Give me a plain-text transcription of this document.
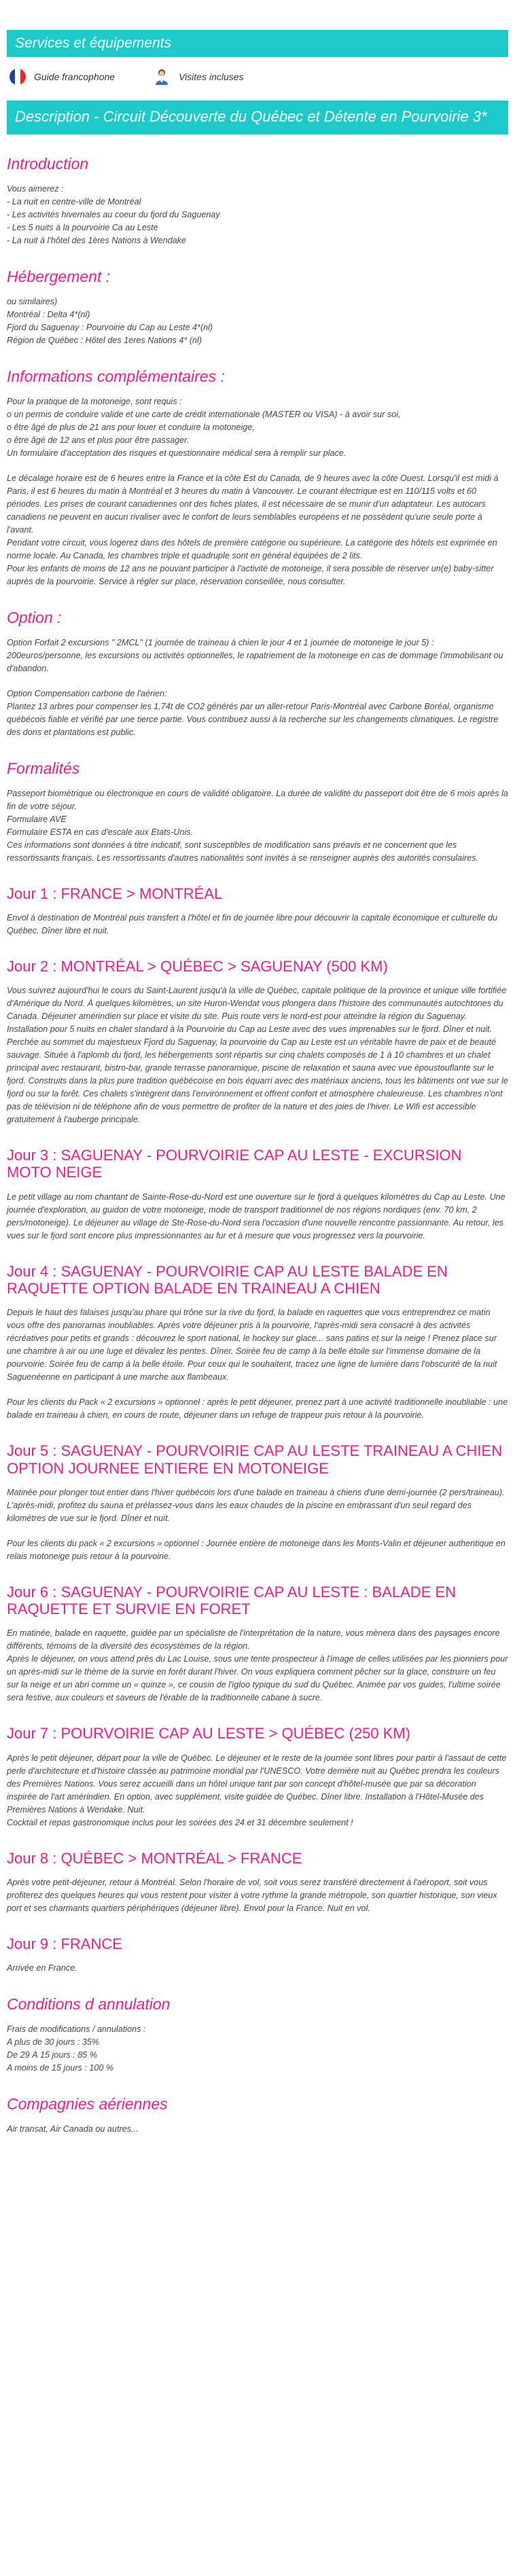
Services et équipements
Guide francophone	Visites incluses
Description - Circuit Découverte du Québec et Détente en Pourvoirie 3*
Introduction
Vous aimerez :
- La nuit en centre-ville de Montréal
- Les activités hivernales au coeur du fjord du Saguenay
- Les 5 nuits à la pourvoirie Ca au Leste
- La nuit à l'hôtel des 1ères Nations à Wendake
Hébergement :
ou similaires)
Montréal : Delta 4*(nl)
Fjord du Saguenay : Pourvoirie du Cap au Leste 4*(nl)
Région de Québec : Hôtel des 1eres Nations 4* (nl)
Informations complémentaires :
Pour la pratique de la motoneige, sont requis :
o un permis de conduire valide et une carte de crédit internationale (MASTER ou VISA) - à avoir sur soi,
o être âgé de plus de 21 ans pour louer et conduire la motoneige,
o être âgé de 12 ans et plus pour être passager.
Un formulaire d'acceptation des risques et questionnaire médical sera à remplir sur place.
Le décalage horaire est de 6 heures entre la France et la côte Est du Canada, de 9 heures avec la côte Ouest. Lorsqu'il est midi à Paris, il est 6 heures du matin à Montréal et 3 heures du matin à Vancouver. Le courant électrique est en 110/115 volts et 60 périodes. Les prises de courant canadiennes ont des fiches plates, il est nécessaire de se munir d'un adaptateur. Les autocars canadiens ne peuvent en aucun rivaliser avec le confort de leurs semblables européens et ne possèdent qu'une seule porte à l'avant.
Pendant votre circuit, vous logerez dans des hôtels de première catégorie ou supérieure. La catégorie des hôtels est exprimée en norme locale. Au Canada, les chambres triple et quadruple sont en général équipées de 2 lits.
Pour les enfants de moins de 12 ans ne pouvant participer à l'activité de motoneige, il sera possible de réserver un(e) baby-sitter auprès de la pourvoirie. Service à régler sur place, réservation conseillée, nous consulter.
Option :
Option Forfait 2 excursions " 2MCL" (1 journée de traineau à chien le jour 4 et 1 journée de motoneige le jour 5) : 200euros/personne, les excursions ou activités optionnelles, le rapatriement de la motoneige en cas de dommage l'immobilisant ou d'abandon.
Option Compensation carbone de l'aérien:
Plantez 13 arbres pour compenser les 1,74t de CO2 générés par un aller-retour Paris-Montréal avec Carbone Boréal, organisme québécois fiable et vérifié par une tierce partie. Vous contribuez aussi à la recherche sur les changements climatiques. Le registre des dons et plantations est public.
Formalités
Passeport biométrique ou électronique en cours de validité obligatoire. La durée de validité du passeport doit être de 6 mois après la fin de votre séjour.
Formulaire AVE
Formulaire ESTA en cas d'escale aux Etats-Unis.
Ces informations sont données à titre indicatif, sont susceptibles de modification sans préavis et ne concernent que les ressortissants français. Les ressortissants d'autres nationalités sont invités à se renseigner auprès des autorités consulaires.
Jour 1 : FRANCE > MONTRÉAL
Envol à destination de Montréal puis transfert à l'hôtel et fin de journée libre pour découvrir la capitale économique et culturelle du Québec. Dîner libre et nuit.
Jour 2 : MONTRÉAL > QUÉBEC > SAGUENAY (500 KM)
Vous suivrez aujourd'hui le cours du Saint-Laurent jusqu'à la ville de Québec, capitale politique de la province et unique ville fortifiée d'Amérique du Nord. À quelques kilomètres, un site Huron-Wendat vous plongera dans l'histoire des communautés autochtones du Canada. Déjeuner amérindien sur place et visite du site. Puis route vers le nord-est pour atteindre la région du Saguenay. Installation pour 5 nuits en chalet standard à la Pourvoirie du Cap au Leste avec des vues imprenables sur le fjord. Dîner et nuit. Perchée au sommet du majestueux Fjord du Saguenay, la pourvoirie du Cap au Leste est un véritable havre de paix et de beauté sauvage. Située à l'aplomb du fjord, les hébergements sont répartis sur cinq chalets composés de 1 à 10 chambres et un chalet principal avec restaurant, bistro-bar, grande terrasse panoramique, piscine de relaxation et sauna avec vue époustouflante sur le fjord. Construits dans la plus pure tradition québécoise en bois équarri avec des matériaux anciens, tous les bâtiments ont vue sur le fjord ou sur la forêt. Ces chalets s'intègrent dans l'environnement et offrent confort et atmosphère chaleureuse. Les chambres n'ont pas de télévision ni de téléphone afin de vous permettre de profiter de la nature et des joies de l'hiver. Le Wifi est accessible gratuitement à l'auberge principale.
Jour 3 : SAGUENAY - POURVOIRIE CAP AU LESTE - EXCURSION MOTO NEIGE
Le petit village au nom chantant de Sainte-Rose-du-Nord est une ouverture sur le fjord à quelques kilomètres du Cap au Leste. Une journée d'exploration, au guidon de votre motoneige, mode de transport traditionnel de nos régions nordiques (env. 70 km, 2 pers/motoneige). Le déjeuner au village de Ste-Rose-du-Nord sera l'occasion d'une nouvelle rencontre passionnante. Au retour, les vues sur le fjord sont encore plus impressionnantes au fur et à mesure que vous progressez vers la pourvoirie.
Jour 4 : SAGUENAY - POURVOIRIE CAP AU LESTE BALADE EN RAQUETTE OPTION BALADE EN TRAINEAU A CHIEN
Depuis le haut des falaises jusqu'au phare qui trône sur la rive du fjord, la balade en raquettes que vous entreprendrez ce matin vous offre des panoramas inoubliables. Après votre déjeuner pris à la pourvoirie, l'après-midi sera consacré à des activités récréatives pour petits et grands : découvrez le sport national, le hockey sur glace... sans patins et sur la neige ! Prenez place sur une chambre à air ou une luge et dévalez les pentes. Dîner. Soirée feu de camp à la belle étoile sur l'immense domaine de la pourvoirie. Soirée feu de camp à la belle étoile. Pour ceux qui le souhaitent, tracez une ligne de lumière dans l'obscurité de la nuit Saguenéenne en participant à une marche aux flambeaux.
Pour les clients du Pack « 2 excursions » optionnel : après le petit déjeuner, prenez part à une activité traditionnelle inoubliable : une balade en traineau à chien, en cours de route, déjeuner dans un refuge de trappeur puis retour à la pourvoirie.
Jour 5 : SAGUENAY - POURVOIRIE CAP AU LESTE TRAINEAU A CHIEN OPTION JOURNEE ENTIERE EN MOTONEIGE
Matinée pour plonger tout entier dans l'hiver québécois lors d'une balade en traineau à chiens d'une demi-journée (2 pers/traineau). L'après-midi, profitez du sauna et prélassez-vous dans les eaux chaudes de la piscine en embrassant d'un seul regard des kilomètres de vue sur le fjord. Dîner et nuit.
Pour les clients du pack « 2 excursions » optionnel : Journée entière de motoneige dans les Monts-Valin et déjeuner authentique en relais motoneige puis retour à la pourvoirie.
Jour 6 : SAGUENAY - POURVOIRIE CAP AU LESTE : BALADE EN RAQUETTE ET SURVIE EN FORET
En matinée, balade en raquette, guidée par un spécialiste de l'interprétation de la nature, vous mènera dans des paysages encore différents, témoins de la diversité des écosystèmes de la région.
Après le déjeuner, on vous attend près du Lac Louise, sous une tente prospecteur à l'image de celles utilisées par les pionniers pour un après-midi sur le thème de la survie en forêt durant l'hiver. On vous expliquera comment pêcher sur la glace, construire un feu sur la neige et un abri comme un « quinze », ce cousin de l'igloo typique du sud du Québec. Animée par vos guides, l'ultime soirée sera festive, aux couleurs et saveurs de l'érable de la traditionnelle cabane à sucre.
Jour 7 : POURVOIRIE CAP AU LESTE > QUÉBEC (250 KM)
Après le petit déjeuner, départ pour la ville de Québec. Le déjeuner et le reste de la journée sont libres pour partir à l'assaut de cette perle d'architecture et d'histoire classée au patrimoine mondial par l'UNESCO. Votre dernière nuit au Québec prendra les couleurs des Premières Nations. Vous serez accueilli dans un hôtel unique tant par son concept d'hôtel-musée que par sa décoration inspirée de l'art amérindien. En option, avec supplément, visite guidée de Québec. Dîner libre. Installation à l'Hôtel-Musée des Premières Nations à Wendake. Nuit.
Cocktail et repas gastronomique inclus pour les soirées des 24 et 31 décembre seulement !
Jour 8 : QUÉBEC > MONTRÉAL > FRANCE
Après votre petit-déjeuner, retour à Montréal. Selon l'horaire de vol, soit vous serez transféré directement à l'aéroport, soit vous profiterez des quelques heures qui vous restent pour visiter à votre rythme la grande métropole, son quartier historique, son vieux port et ses charmants quartiers périphériques (déjeuner libre). Envol pour la France. Nuit en vol.
Jour 9 : FRANCE
Arrivée en France.
Conditions d annulation
Frais de modifications / annulations :
A plus de 30 jours : 35%
De 29 À 15 jours : 85 %
A moins de 15 jours : 100 %
Compagnies aériennes
Air transat, Air Canada ou autres...
